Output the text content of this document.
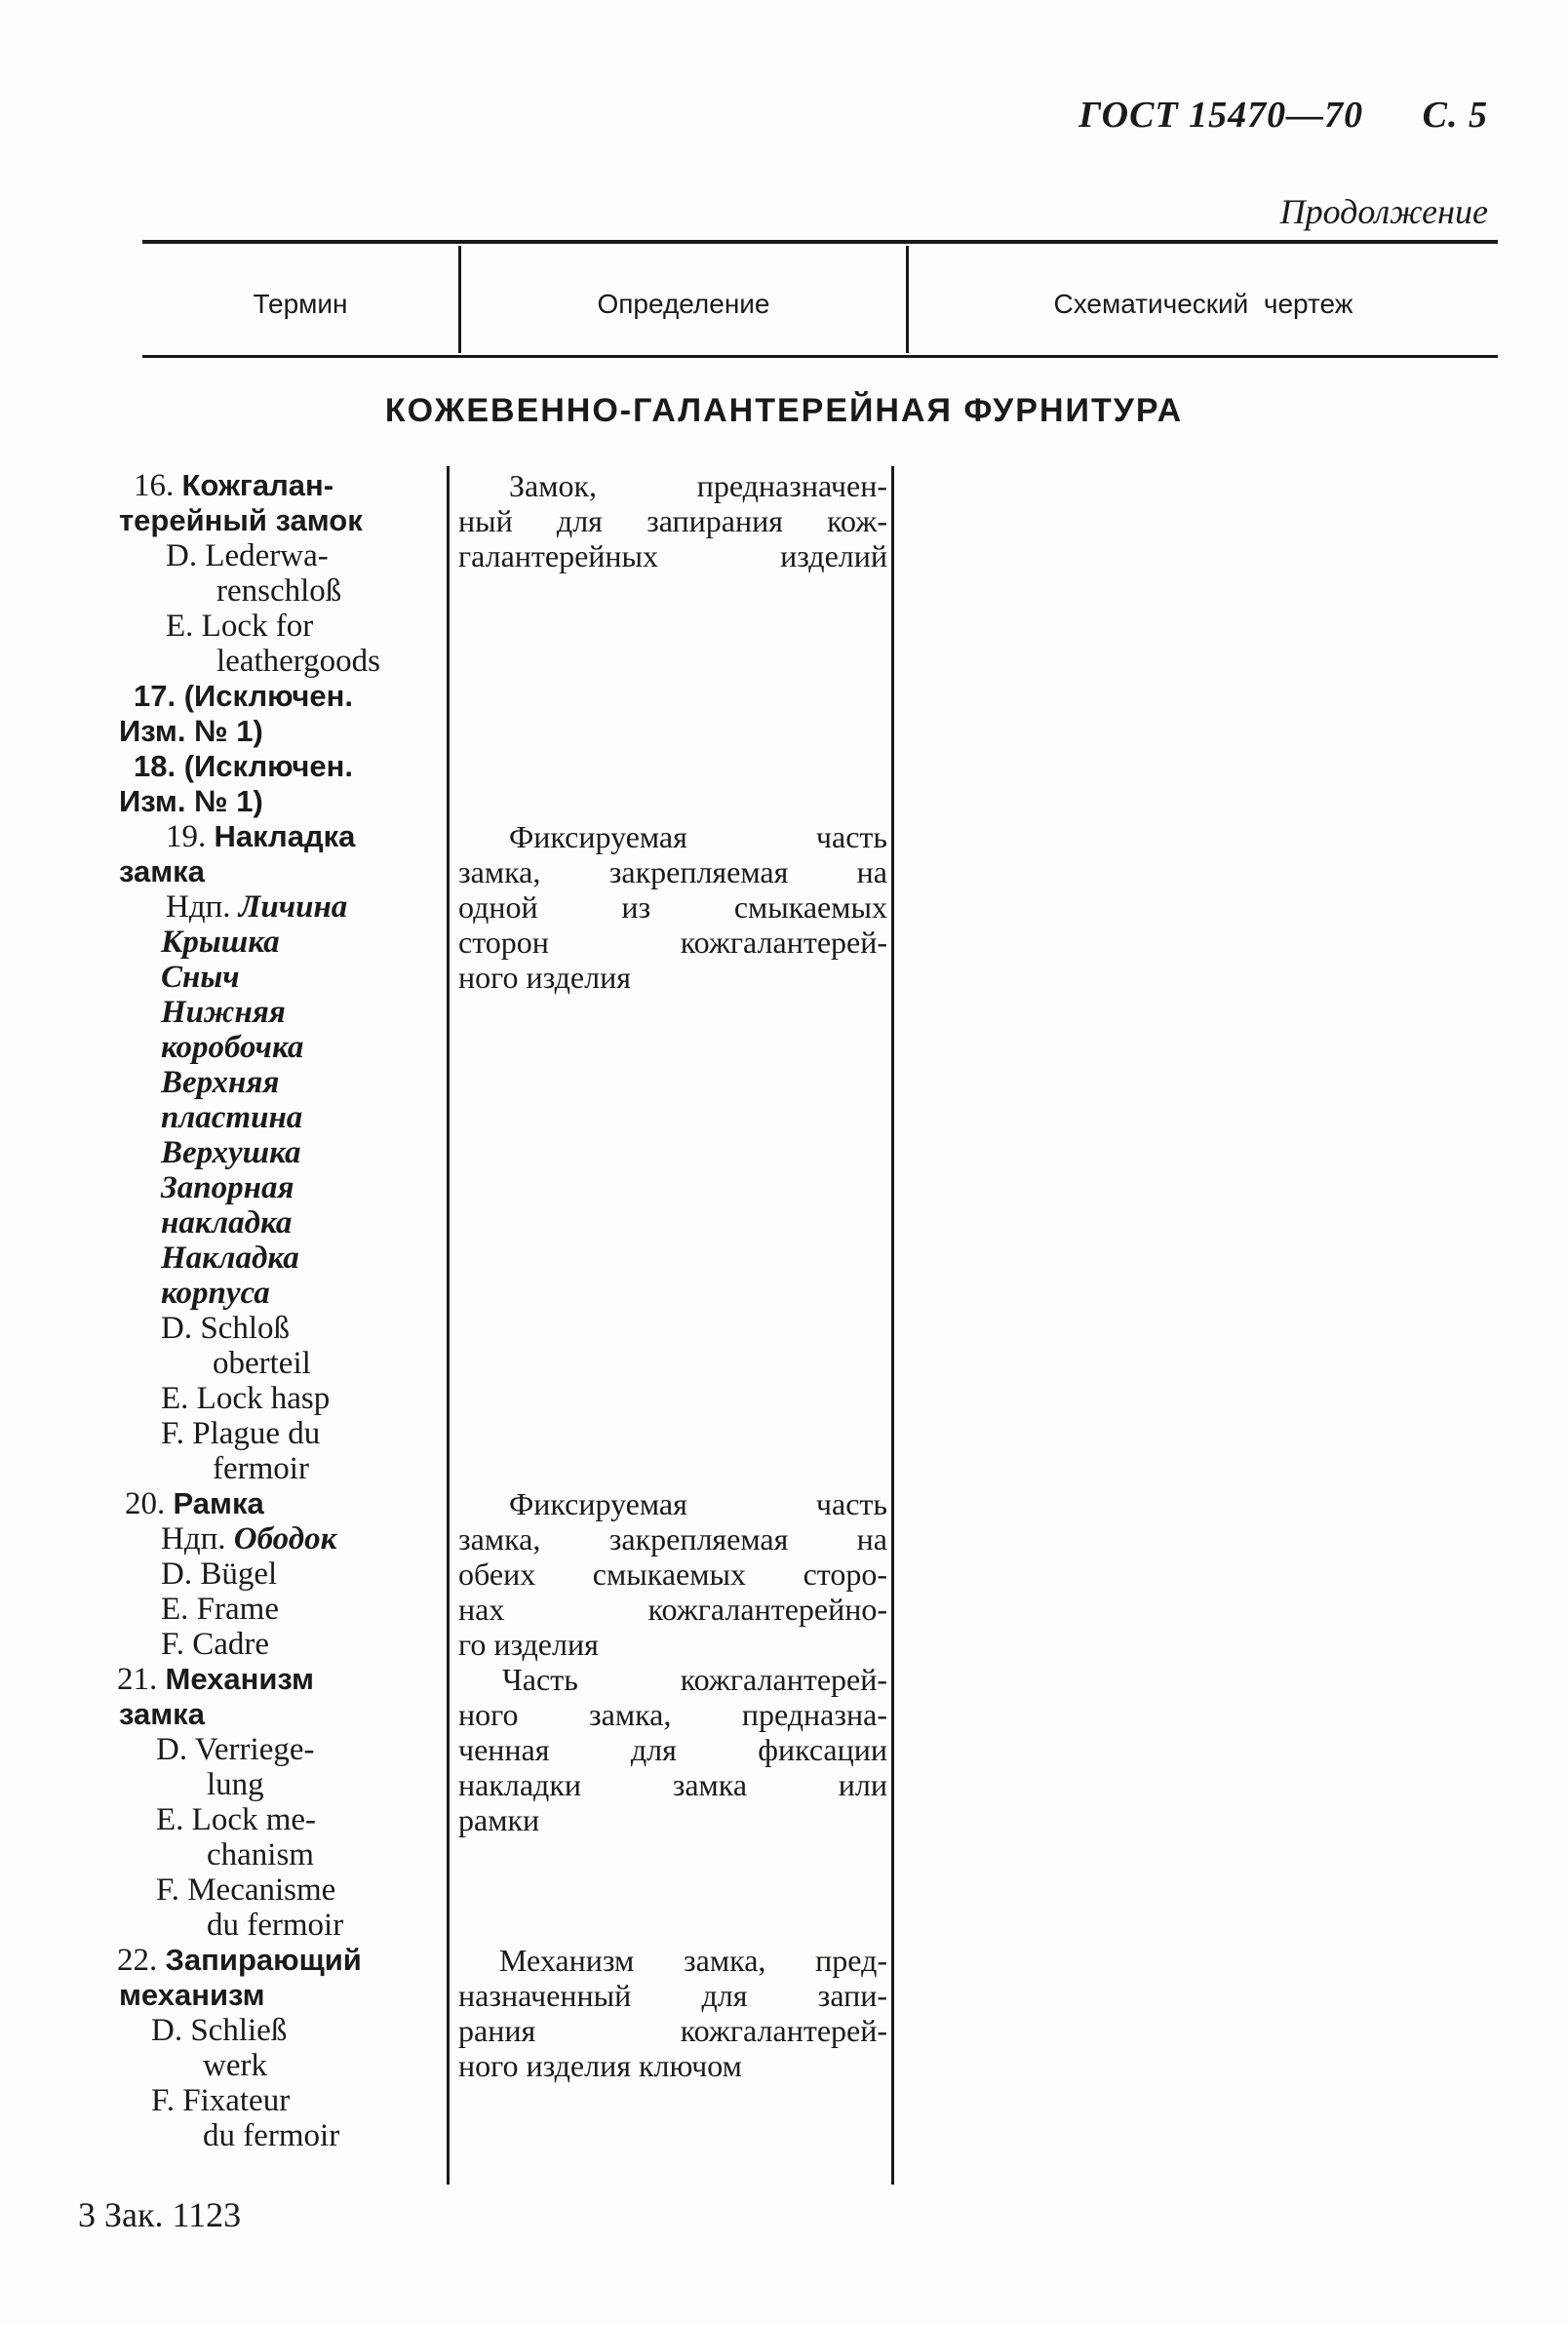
ГОСТ 15470—70 С. 5
Продолжение
Термин	Определение	Схематический  чертеж
КОЖЕВЕННО-ГАЛАНТЕРЕЙНАЯ ФУРНИТУРА
16. Кожгалан-
терейный замок
D. Lederwa-
renschloß
E. Lock for
leathergoods
17. (Исключен.
Изм. № 1)
18. (Исключен.
Изм. № 1)
19. Накладка
замка
Ндп. Личина
Крышка
Сныч
Нижняя
коробочка
Верхняя
пластина
Верхушка
Запорная
накладка
Накладка
корпуса
D. Schloß
oberteil
E. Lock hasp
F. Plague du
fermoir
20. Рамка
Ндп. Ободок
D. Bügel
E. Frame
F. Cadre
21. Механизм
замка
D. Verriege-
lung
E. Lock me-
chanism
F. Mecanisme
du fermoir
22. Запирающий
механизм
D. Schließ
werk
F. Fixateur
du fermoir
Замок, предназначен-
ный для запирания кож-
галантерейных изделий
Фиксируемая часть
замка, закрепляемая на
одной из смыкаемых
сторон кожгалантерей-
ного изделия
Фиксируемая часть
замка, закрепляемая на
обеих смыкаемых сторо-
нах кожгалантерейно-
го изделия
Часть кожгалантерей-
ного замка, предназна-
ченная для фиксации
накладки замка или
рамки
Механизм замка, пред-
назначенный для запи-
рания кожгалантерей-
ного изделия ключом
3 Зак. 1123
